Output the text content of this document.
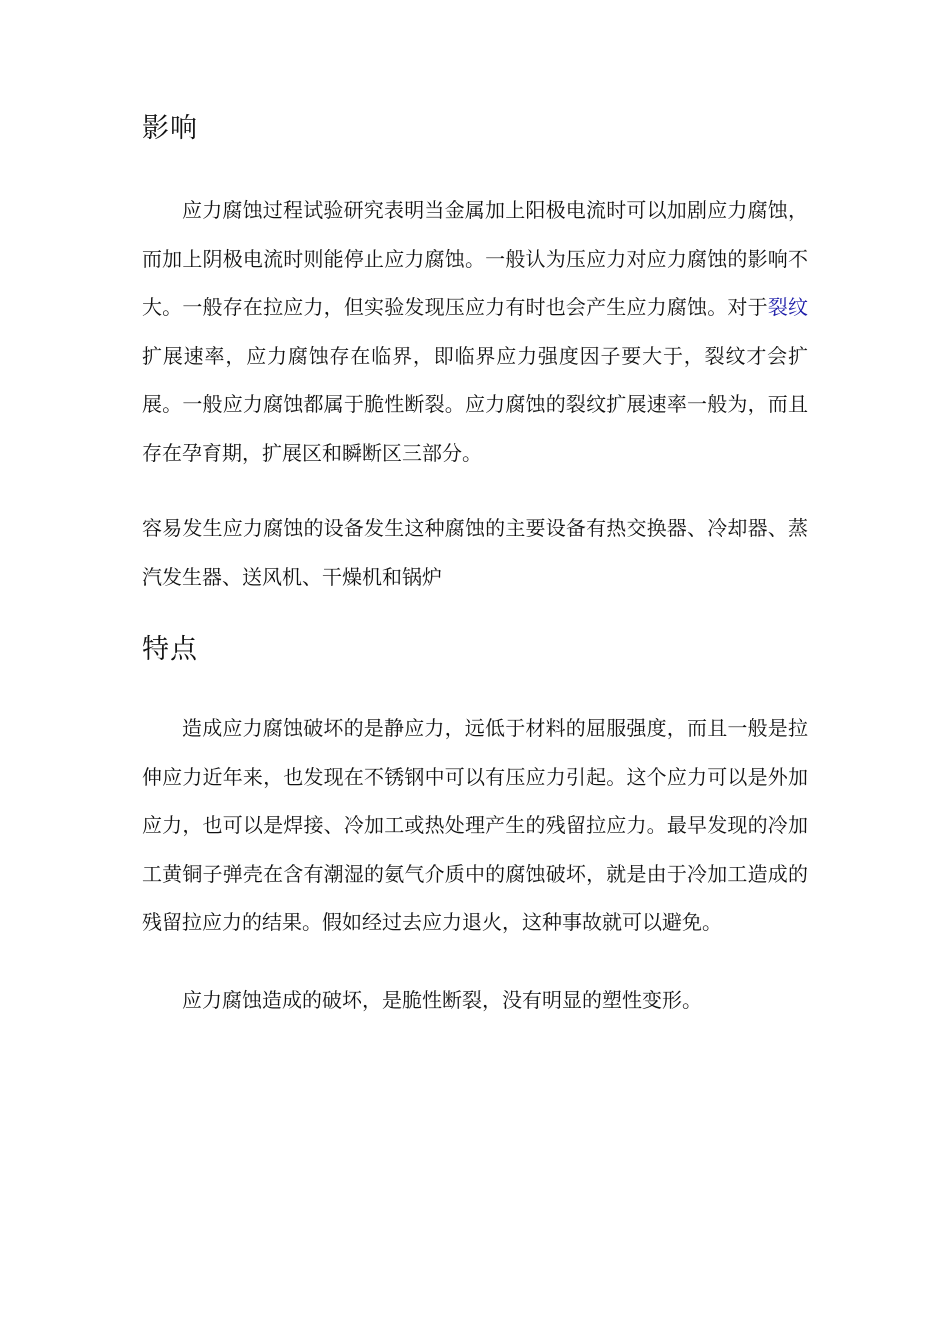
影响

应力腐蚀过程试验研究表明当金属加上阳极电流时可以加剧应力腐蚀，而加上阴极电流时则能停止应力腐蚀。一般认为压应力对应力腐蚀的影响不大。一般存在拉应力，但实验发现压应力有时也会产生应力腐蚀。对于裂纹扩展速率，应力腐蚀存在临界，即临界应力强度因子要大于，裂纹才会扩展。一般应力腐蚀都属于脆性断裂。应力腐蚀的裂纹扩展速率一般为，而且存在孕育期，扩展区和瞬断区三部分。

容易发生应力腐蚀的设备发生这种腐蚀的主要设备有热交换器、冷却器、蒸汽发生器、送风机、干燥机和锅炉

特点

造成应力腐蚀破坏的是静应力，远低于材料的屈服强度，而且一般是拉伸应力近年来，也发现在不锈钢中可以有压应力引起。这个应力可以是外加应力，也可以是焊接、冷加工或热处理产生的残留拉应力。最早发现的冷加工黄铜子弹壳在含有潮湿的氨气介质中的腐蚀破坏，就是由于冷加工造成的残留拉应力的结果。假如经过去应力退火，这种事故就可以避免。

应力腐蚀造成的破坏，是脆性断裂，没有明显的塑性变形。
